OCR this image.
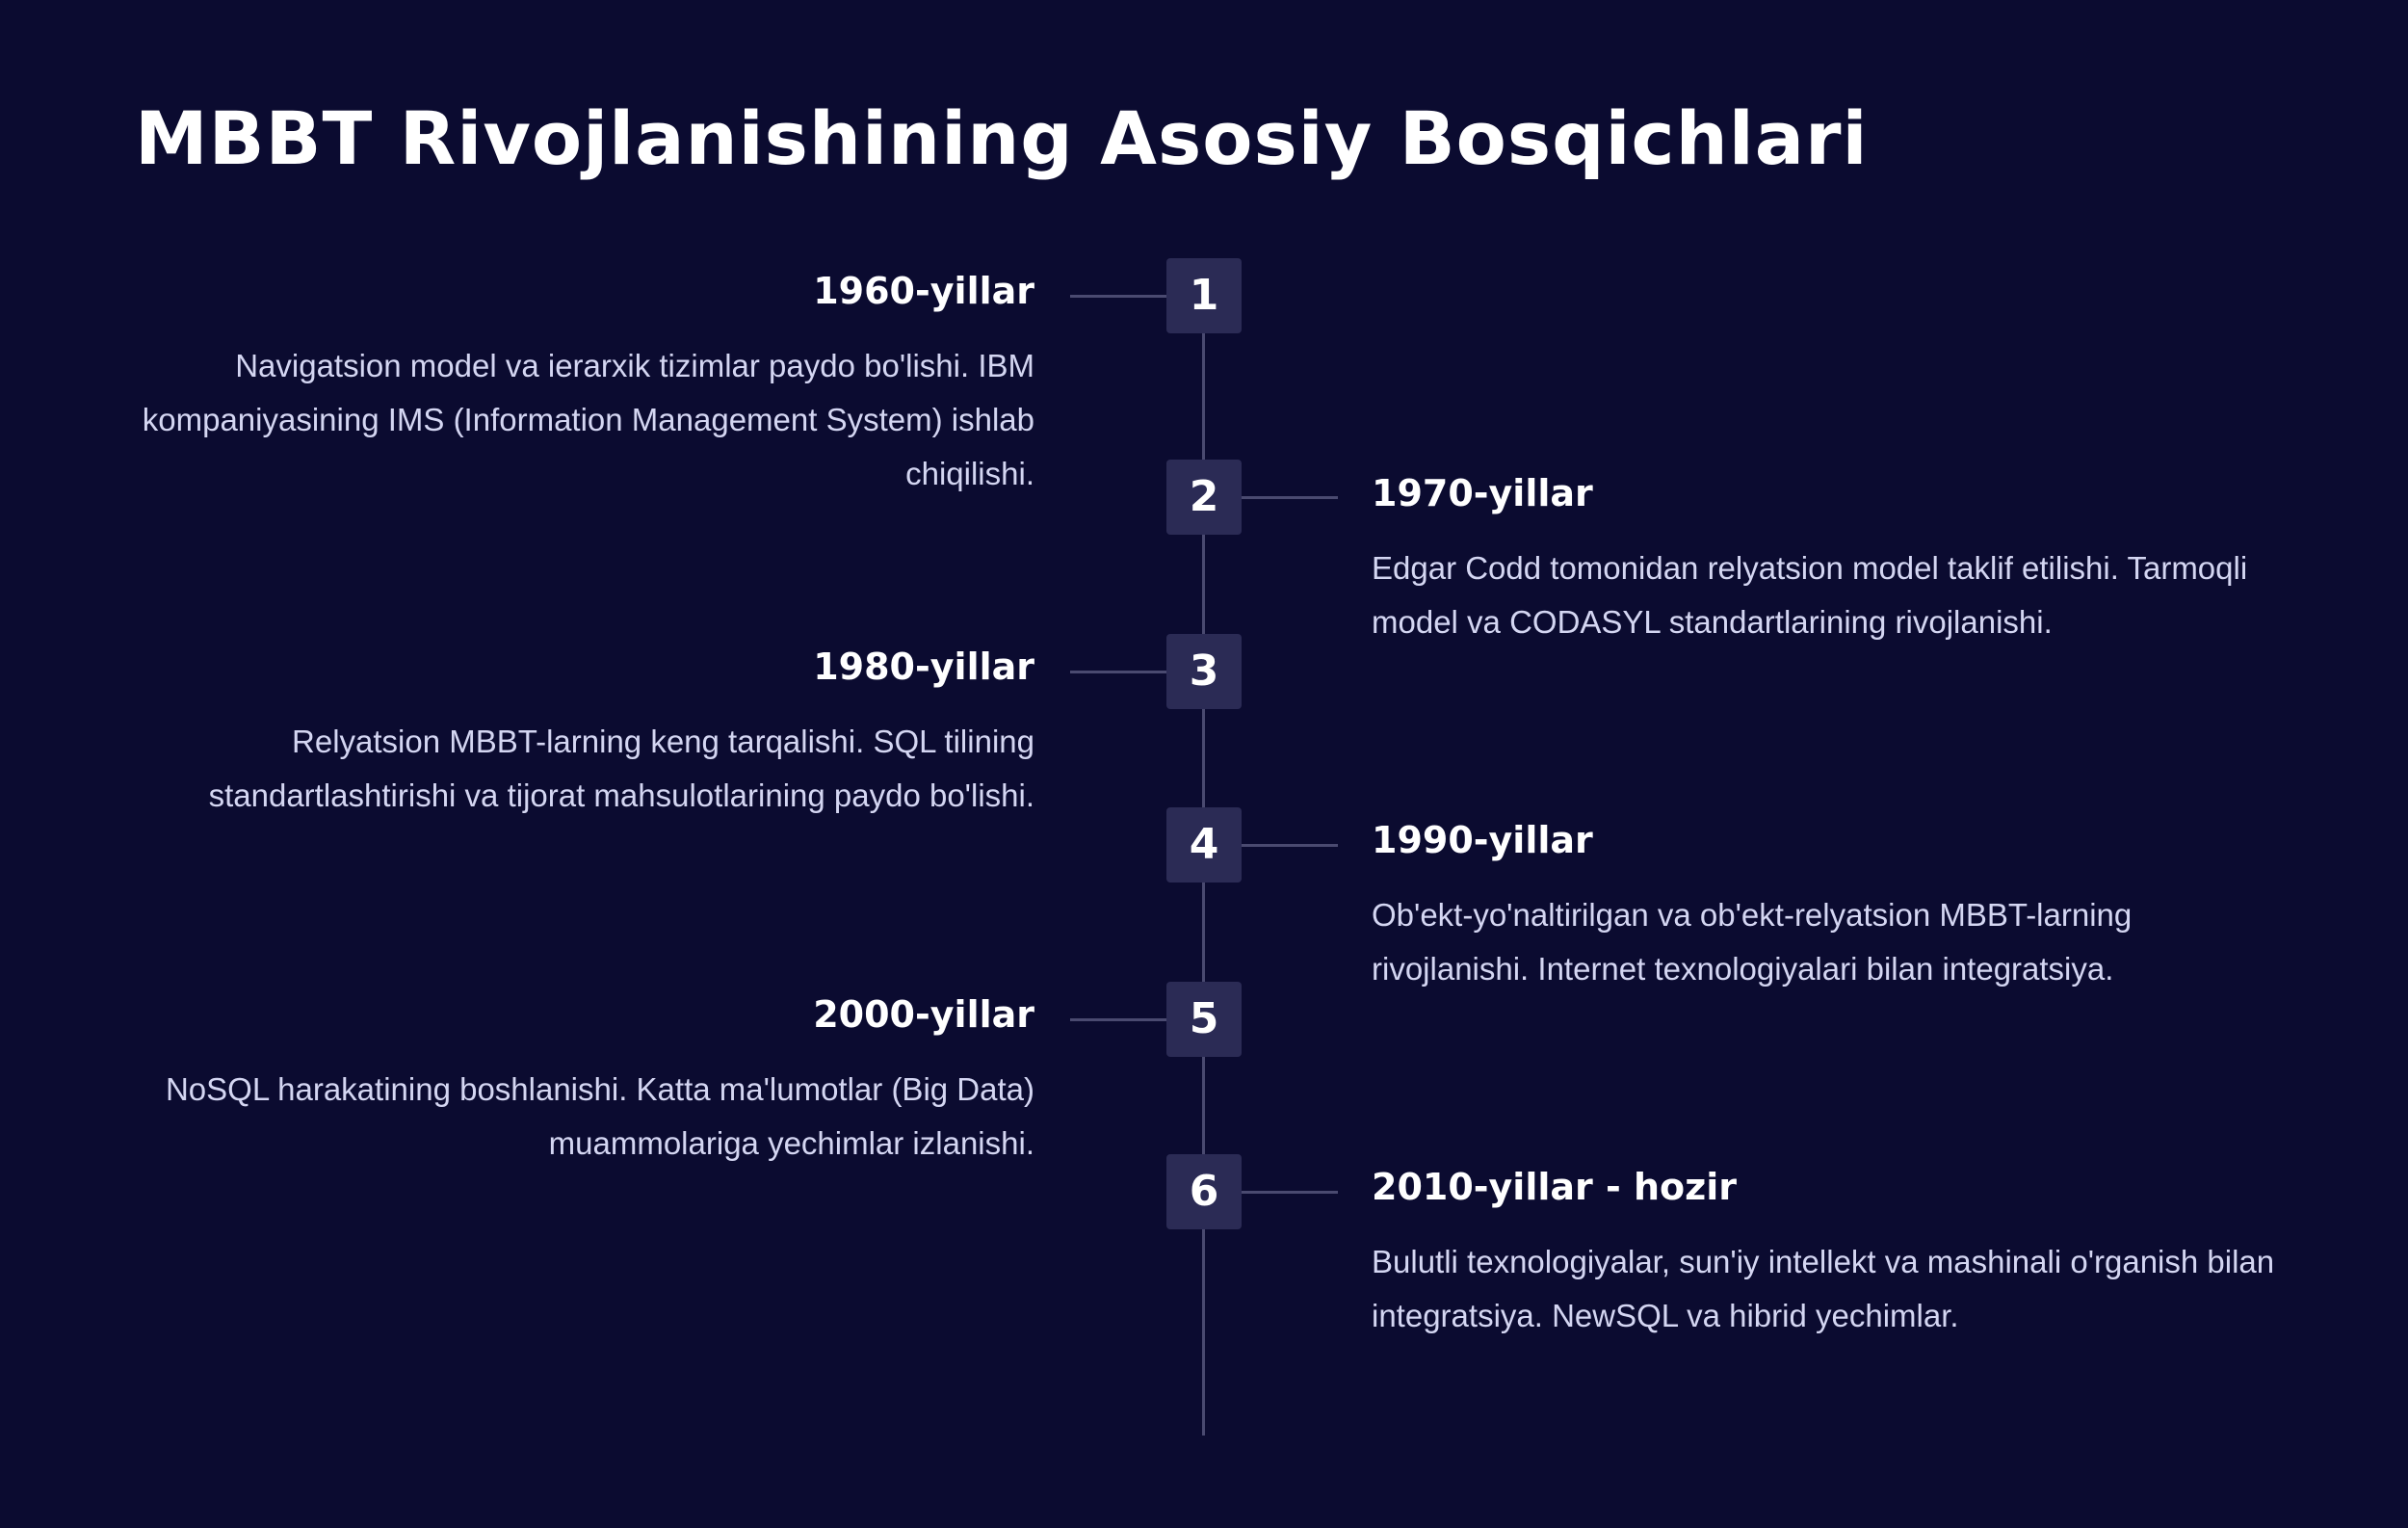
MBBT Rivojlanishining Asosiy Bosqichlari
1

1960-yillar

Navigatsion model va ierarxik tizimlar paydo bo'lishi. IBM kompaniyasining IMS (Information Management System) ishlab chiqilishi.	2	1970-yillar

Edgar Codd tomonidan relyatsion model taklif etilishi. Tarmoqli model va CODASYL standartlarining rivojlanishi.

3

1980-yillar

Relyatsion MBBT-larning keng tarqalishi. SQL tilining standartlashtirishi va tijorat mahsulotlarining paydo bo'lishi.

4	1990-yillar

Ob'ekt-yo'naltirilgan va ob'ekt-relyatsion MBBT-larning rivojlanishi. Internet texnologiyalari bilan integratsiya.

5

2000-yillar

NoSQL harakatining boshlanishi. Katta ma'lumotlar (Big Data) muammolariga yechimlar izlanishi.

6	2010-yillar - hozir

Bulutli texnologiyalar, sun'iy intellekt va mashinali o'rganish bilan integratsiya. NewSQL va hibrid yechimlar.
